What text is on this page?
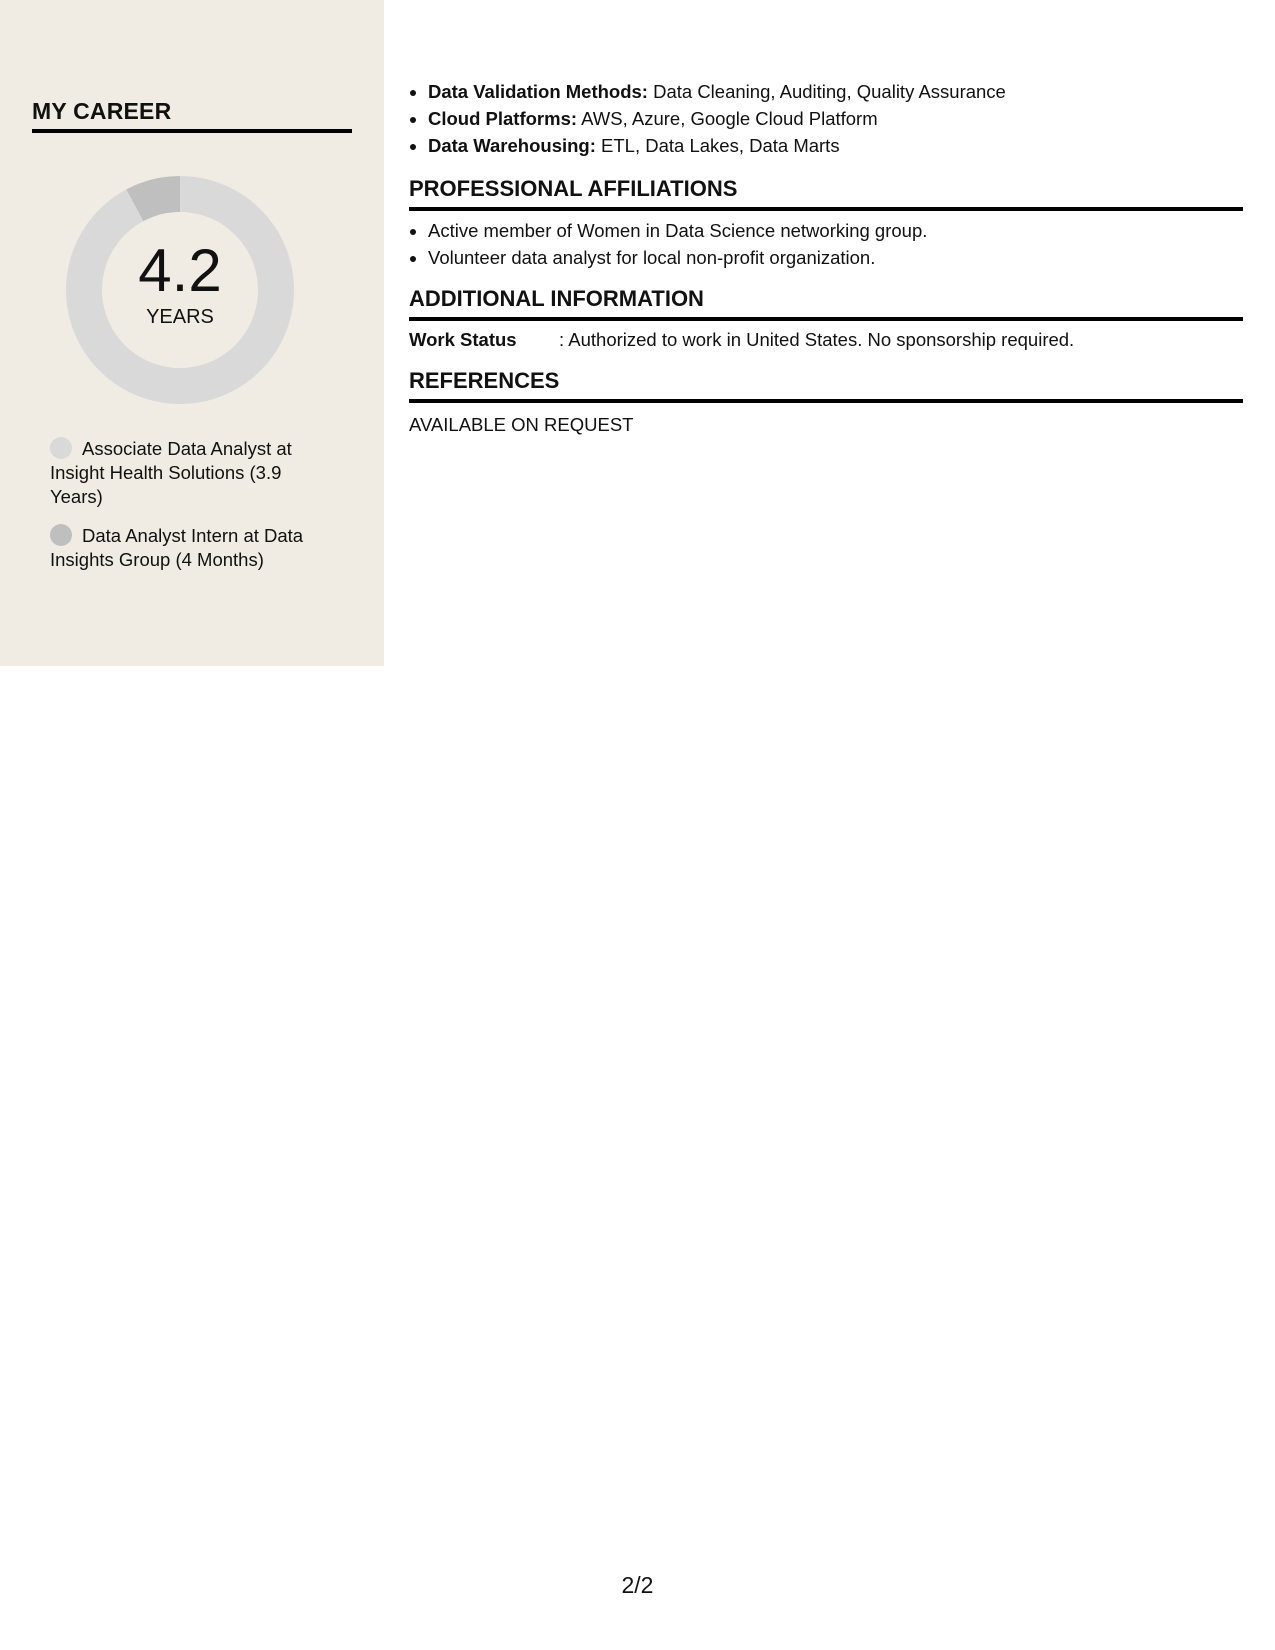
MY CAREER
4.2
YEARS
Associate Data Analyst at Insight Health Solutions (3.9 Years)
Data Analyst Intern at Data Insights Group (4 Months)
• Data Validation Methods: Data Cleaning, Auditing, Quality Assurance
• Cloud Platforms: AWS, Azure, Google Cloud Platform
• Data Warehousing: ETL, Data Lakes, Data Marts
PROFESSIONAL AFFILIATIONS
• Active member of Women in Data Science networking group.
• Volunteer data analyst for local non-profit organization.
ADDITIONAL INFORMATION
Work Status : Authorized to work in United States. No sponsorship required.
REFERENCES
AVAILABLE ON REQUEST
2/2
